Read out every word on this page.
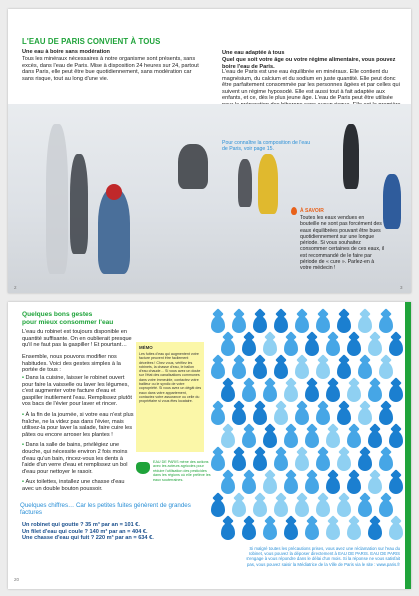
L'EAU DE PARIS CONVIENT À TOUS
Une eau à boire sans modération
Tous les minéraux nécessaires à notre organisme sont présents, sans excès, dans l'eau de Paris. Mise à disposition 24 heures sur 24, partout dans Paris, elle peut être bue quotidiennement, sans modération car sans risque, tout au long d'une vie.
Une eau adaptée à tous
Quel que soit votre âge ou votre régime alimentaire, vous pouvez boire l'eau de Paris.
L'eau de Paris est une eau équilibrée en minéraux. Elle contient du magnésium, du calcium et du sodium en juste quantité. Elle peut donc être parfaitement consommée par les personnes âgées et par celles qui suivent un régime hyposodé. Elle est aussi tout à fait adaptée aux enfants, et ce, dès le plus jeune âge. L'eau de Paris peut être utilisée
Pour connaître la composition de l'eau de Paris, voir page 15.
À SAVOIR
Toutes les eaux vendues en bouteille ne sont pas forcément des eaux équilibrées pouvant être bues quotidiennement sur une longue période. Si vous souhaitez consommer certaines de ces eaux, il est recommandé de le faire par période de « cure ». Parlez-en à votre médecin !
2	3
Quelques bons gestes
pour mieux consommer l'eau
L'eau du robinet est toujours disponible en quantité suffisante. On en oublierait presque qu'il ne faut pas la gaspiller ! Et pourtant…
Ensemble, nous pouvons modifier nos habitudes. Voici des gestes simples à la portée de tous :
• Dans la cuisine, laisser le robinet ouvert pour faire la vaisselle ou laver les légumes, c'est augmenter votre facture d'eau et gaspiller inutilement l'eau. Remplissez plutôt vos bacs de l'évier pour laver et rincer.
• À la fin de la journée, si votre eau n'est plus fraîche, ne la videz pas dans l'évier, mais utilisez-la pour laver la salade, faire cuire les pâtes ou encore arroser les plantes !
• Dans la salle de bains, privilégiez une douche, qui nécessite environ 2 fois moins d'eau qu'un bain, rincez-vous les dents à l'aide d'un verre d'eau et remplissez un bol d'eau pour nettoyer le rasoir.
• Aux toilettes, installez une chasse d'eau avec un double bouton poussoir.
MÉMO
Les fuites d'eau qui augmentent votre facture peuvent être facilement décelées ! Chez vous, vérifiez les robinets, la chasse d'eau, le ballon d'eau chaude… Si vous avez un doute sur l'état des canalisations communes dans votre immeuble, contactez votre bailleur ou le syndic de votre copropriété. Si vous avez un dégât des eaux dans votre appartement, contactez votre assurance ou celle du propriétaire si vous êtes locataire.
EAU DE PARIS mène des actions avec les acteurs agricoles pour réduire l'utilisation des pesticides dans les régions où elle prélève les eaux souterraines.
Quelques chiffres… Car les petites fuites génèrent de grandes factures
Un robinet qui goutte ? 35 m³ par an = 101 €.
Un filet d'eau qui coule ? 140 m³ par an = 404 €.
Une chasse d'eau qui fuit ? 220 m³ par an = 634 €.
20
Si malgré toutes les précautions prises, vous avez une réclamation sur l'eau du robinet, vous pouvez la déposer directement à EAU DE PARIS. EAU DE PARIS s'engage à vous répondre dans le délai d'un mois. Si la réponse ne vous satisfait pas, vous pouvez saisir la Médiatrice de la Ville de Paris via le site : www.paris.fr
